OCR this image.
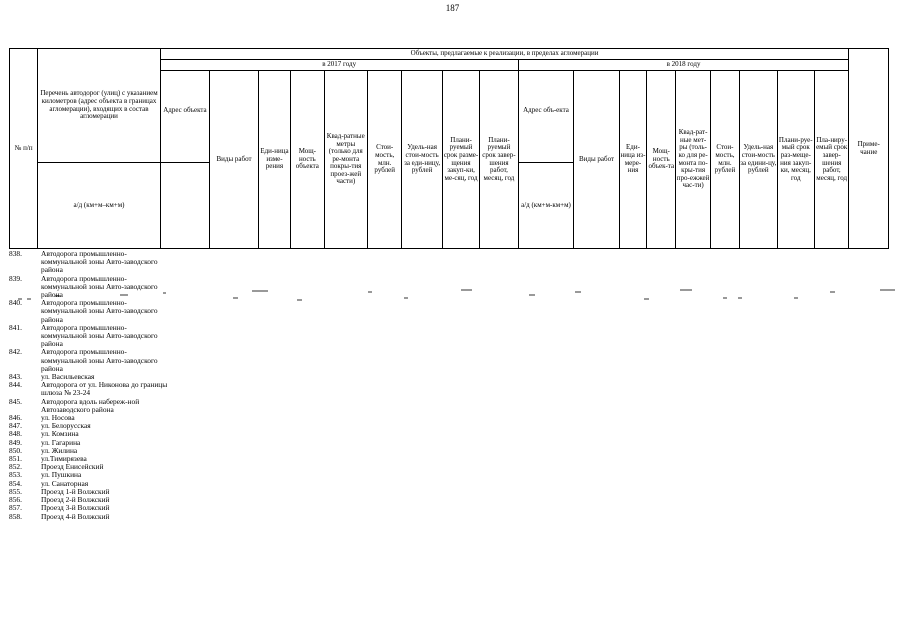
187
№ п/п	Перечень автодорог (улиц) с указанием километров (адрес объекта в границах агломерации), входящих в состав агломерации	Объекты, предлагаемые к реализации, в пределах агломерации																		Приме-чание
		в 2017 году									в 2018 году									
		Адрес объекта	Виды работ	Еди-ница изме-рения	Мощ-ность объекта	Квад-ратные метры (только для ре-монта покры-тия проез-жей части)	Стои-мость, млн. рублей	Удель-ная стои-мость за еди-ницу, рублей	Плани-руемый срок разме-щения закуп-ки, ме-сяц, год	Плани-руемый срок завер-шения работ, месяц, год	Адрес объ-екта	Виды работ	Еди-ница из-мере-ния	Мощ-ность объек-та	Квад-рат-ные мет-ры (толь-ко для ре-монта по-кры-тия про-ежжей час-ти)	Стои-мость, млн. рублей	Удель-ная стои-мость за едини-цу, рублей	Плани-руе-мый срок раз-меще-ния закуп-ки, месяц, год	Пла-ниру-емый срок завер-шения работ, месяц, год	
	а/д (км+м–км+м)										а/д (км+м-км+м)									
838.	Автодорога промышленно-коммунальной зоны Авто-заводского района
839.	Автодорога промышленно-коммунальной зоны Авто-заводского района
840.	Автодорога промышленно-коммунальной зоны Авто-заводского района
841.	Автодорога промышленно-коммунальной зоны Авто-заводского района
842.	Автодорога промышленно-коммунальной зоны Авто-заводского района
843.	ул. Васильевская
844.	Автодорога от ул. Никонова до границы шлюза № 23-24
845.	Автодорога вдоль набереж-ной Автозаводского района
846.	ул. Носова
847.	ул. Белорусская
848.	ул. Комзина
849.	ул. Гагарина
850.	ул. Жилина
851.	ул.Тимирязева
852.	Проезд Енисейский
853.	ул. Пушкина
854.	ул. Санаторная
855.	Проезд 1-й Волжский
856.	Проезд 2-й Волжский
857.	Проезд 3-й Волжский
858.	Проезд 4-й Волжский
